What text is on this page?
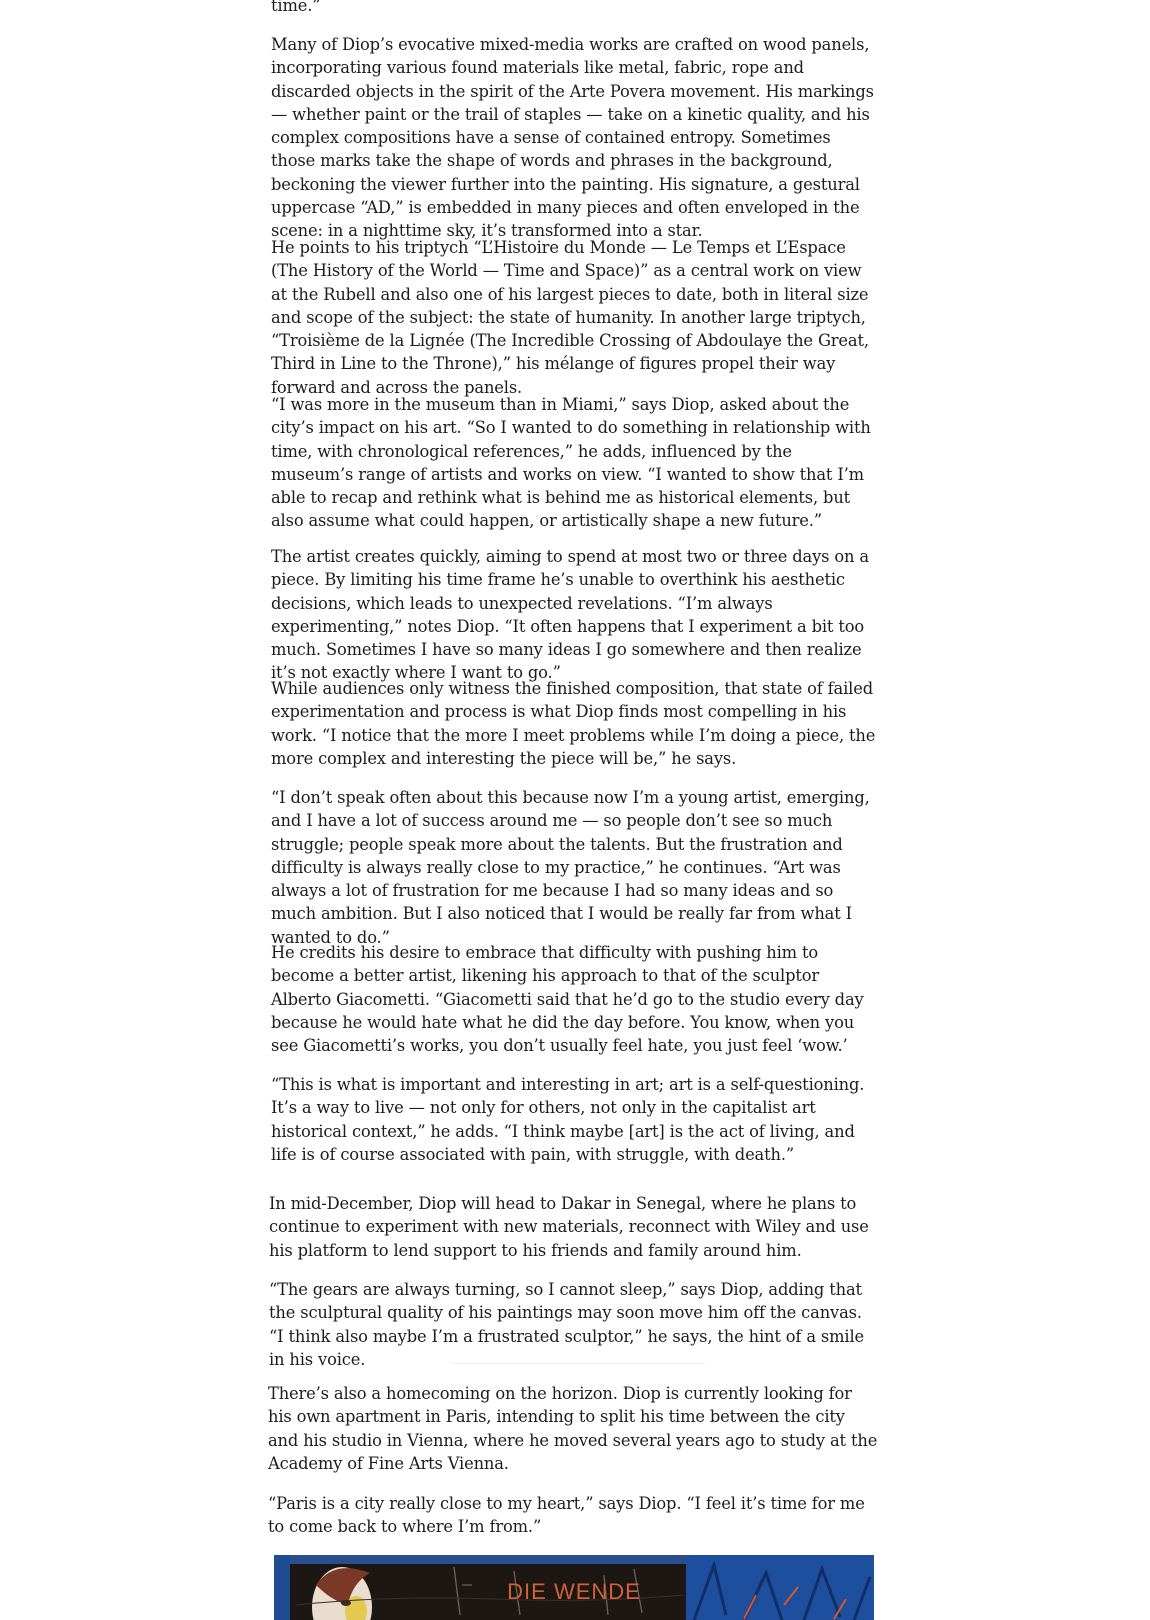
time.”

Many of Diop’s evocative mixed-media works are crafted on wood panels, incorporating various found materials like metal, fabric, rope and discarded objects in the spirit of the Arte Povera movement. His markings — whether paint or the trail of staples — take on a kinetic quality, and his complex compositions have a sense of contained entropy. Sometimes those marks take the shape of words and phrases in the background, beckoning the viewer further into the painting. His signature, a gestural uppercase “AD,” is embedded in many pieces and often enveloped in the scene: in a nighttime sky, it’s transformed into a star.

He points to his triptych “L’Histoire du Monde — Le Temps et L’Espace (The History of the World — Time and Space)” as a central work on view at the Rubell and also one of his largest pieces to date, both in literal size and scope of the subject: the state of humanity. In another large triptych, “Troisième de la Lignée (The Incredible Crossing of Abdoulaye the Great, Third in Line to the Throne),” his mélange of figures propel their way forward and across the panels.

“I was more in the museum than in Miami,” says Diop, asked about the city’s impact on his art. “So I wanted to do something in relationship with time, with chronological references,” he adds, influenced by the museum’s range of artists and works on view. “I wanted to show that I’m able to recap and rethink what is behind me as historical elements, but also assume what could happen, or artistically shape a new future.”

The artist creates quickly, aiming to spend at most two or three days on a piece. By limiting his time frame he’s unable to overthink his aesthetic decisions, which leads to unexpected revelations. “I’m always experimenting,” notes Diop. “It often happens that I experiment a bit too much. Sometimes I have so many ideas I go somewhere and then realize it’s not exactly where I want to go.”

While audiences only witness the finished composition, that state of failed experimentation and process is what Diop finds most compelling in his work. “I notice that the more I meet problems while I’m doing a piece, the more complex and interesting the piece will be,” he says.

“I don’t speak often about this because now I’m a young artist, emerging, and I have a lot of success around me — so people don’t see so much struggle; people speak more about the talents. But the frustration and difficulty is always really close to my practice,” he continues. “Art was always a lot of frustration for me because I had so many ideas and so much ambition. But I also noticed that I would be really far from what I wanted to do.”

He credits his desire to embrace that difficulty with pushing him to become a better artist, likening his approach to that of the sculptor Alberto Giacometti. “Giacometti said that he’d go to the studio every day because he would hate what he did the day before. You know, when you see Giacometti’s works, you don’t usually feel hate, you just feel ‘wow.’

“This is what is important and interesting in art; art is a self-questioning. It’s a way to live — not only for others, not only in the capitalist art historical context,” he adds. “I think maybe [art] is the act of living, and life is of course associated with pain, with struggle, with death.”

In mid-December, Diop will head to Dakar in Senegal, where he plans to continue to experiment with new materials, reconnect with Wiley and use his platform to lend support to his friends and family around him.

“The gears are always turning, so I cannot sleep,” says Diop, adding that the sculptural quality of his paintings may soon move him off the canvas. “I think also maybe I’m a frustrated sculptor,” he says, the hint of a smile in his voice.

There’s also a homecoming on the horizon. Diop is currently looking for his own apartment in Paris, intending to split his time between the city and his studio in Vienna, where he moved several years ago to study at the Academy of Fine Arts Vienna.

“Paris is a city really close to my heart,” says Diop. “I feel it’s time for me to come back to where I’m from.”

DIE WENDE
